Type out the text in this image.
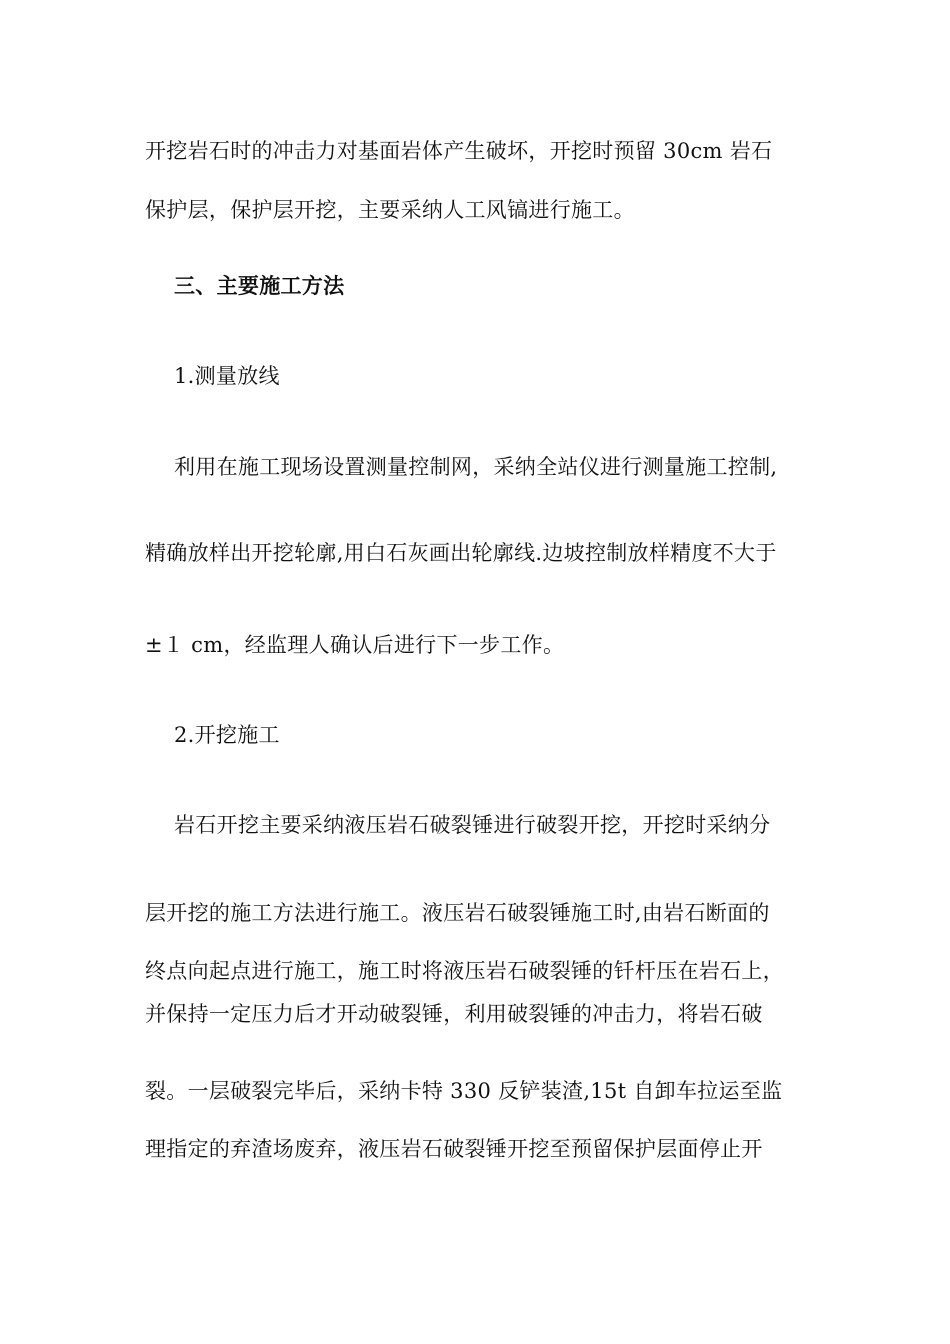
开挖岩石时的冲击力对基面岩体产生破坏，开挖时预留 30cm 岩石
保护层，保护层开挖，主要采纳人工风镐进行施工。
三、主要施工方法
1.测量放线
利用在施工现场设置测量控制网，采纳全站仪进行测量施工控制,
精确放样出开挖轮廓,用白石灰画出轮廓线.边坡控制放样精度不大于
±１ cm，经监理人确认后进行下一步工作。
2.开挖施工
岩石开挖主要采纳液压岩石破裂锤进行破裂开挖，开挖时采纳分
层开挖的施工方法进行施工。液压岩石破裂锤施工时,由岩石断面的
终点向起点进行施工，施工时将液压岩石破裂锤的钎杆压在岩石上，
并保持一定压力后才开动破裂锤，利用破裂锤的冲击力，将岩石破
裂。一层破裂完毕后，采纳卡特 330 反铲装渣,15t 自卸车拉运至监
理指定的弃渣场废弃，液压岩石破裂锤开挖至预留保护层面停止开
